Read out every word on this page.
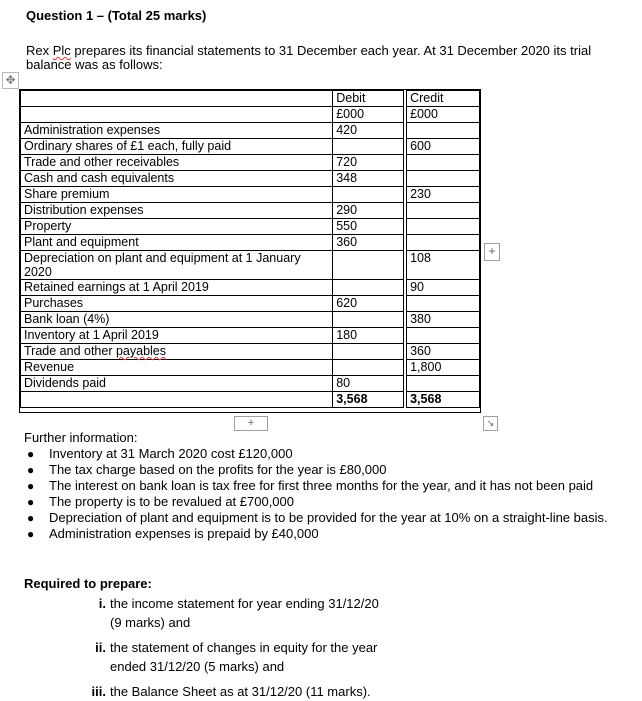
Question 1 – (Total 25 marks)
Rex Plc prepares its financial statements to 31 December each year. At 31 December 2020 its trial balance was as follows:
✥
	Debit		Credit
	£000		£000
Administration expenses	420		
Ordinary shares of £1 each, fully paid			600
Trade and other receivables	720		
Cash and cash equivalents	348		
Share premium			230
Distribution expenses	290		
Property	550		
Plant and equipment	360		
Depreciation on plant and equipment at 1 January 2020			108
Retained earnings at 1 April 2019			90
Purchases	620		
Bank loan (4%)			380
Inventory at 1 April 2019	180		
Trade and other payables			360
Revenue			1,800
Dividends paid	80		
	3,568		3,568
+
+	↘
Further information:
● Inventory at 31 March 2020 cost £120,000
● The tax charge based on the profits for the year is £80,000
● The interest on bank loan is tax free for first three months for the year, and it has not been paid
● The property is to be revalued at £700,000
● Depreciation of plant and equipment is to be provided for the year at 10% on a straight-line basis.
● Administration expenses is prepaid by £40,000
Required to prepare:
i. the income statement for year ending 31/12/20
(9 marks) and
ii. the statement of changes in equity for the year
ended 31/12/20 (5 marks) and
iii. the Balance Sheet as at 31/12/20 (11 marks).
